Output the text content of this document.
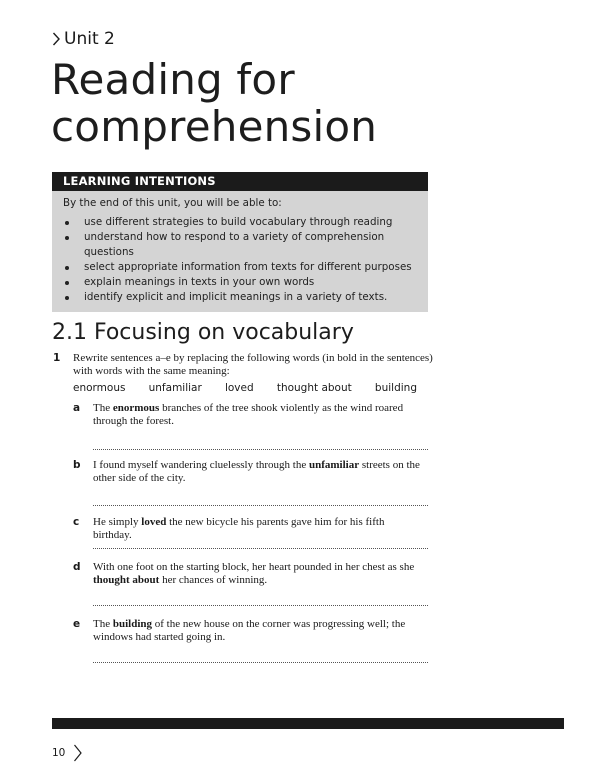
Unit 2
Reading for
comprehension
LEARNING INTENTIONS
By the end of this unit, you will be able to:
use different strategies to build vocabulary through reading
understand how to respond to a variety of comprehension questions
select appropriate information from texts for different purposes
explain meanings in texts in your own words
identify explicit and implicit meanings in a variety of texts.
2.1 Focusing on vocabulary
1 Rewrite sentences a–e by replacing the following words (in bold in the sentences) with words with the same meaning:
enormous unfamiliar loved thought about building
a The enormous branches of the tree shook violently as the wind roared through the forest.
b I found myself wandering cluelessly through the unfamiliar streets on the other side of the city.
c He simply loved the new bicycle his parents gave him for his fifth birthday.
d With one foot on the starting block, her heart pounded in her chest as she thought about her chances of winning.
e The building of the new house on the corner was progressing well; the windows had started going in.
10
